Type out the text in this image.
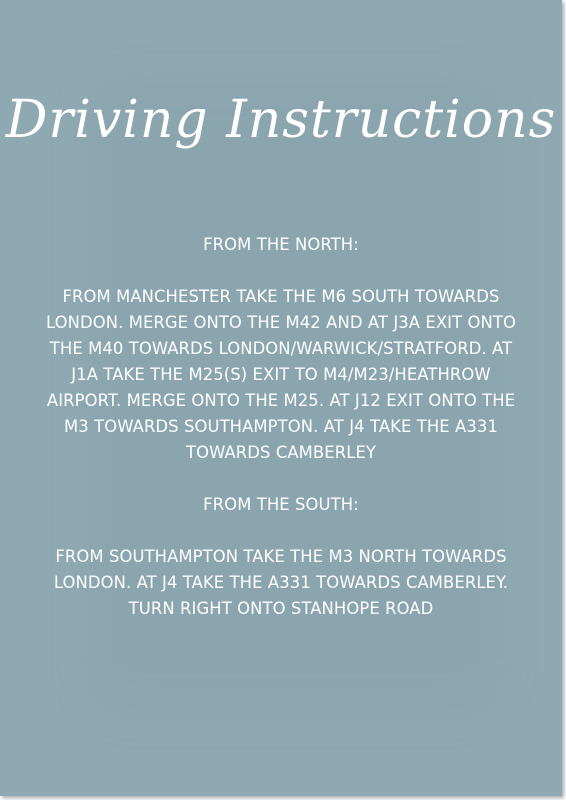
Driving Instructions

FROM THE NORTH:

FROM MANCHESTER TAKE THE M6 SOUTH TOWARDS LONDON. MERGE ONTO THE M42 AND AT J3A EXIT ONTO THE M40 TOWARDS LONDON/WARWICK/STRATFORD. AT J1A TAKE THE M25(S) EXIT TO M4/M23/HEATHROW AIRPORT. MERGE ONTO THE M25. AT J12 EXIT ONTO THE M3 TOWARDS SOUTHAMPTON. AT J4 TAKE THE A331 TOWARDS CAMBERLEY

FROM THE SOUTH:

FROM SOUTHAMPTON TAKE THE M3 NORTH TOWARDS LONDON. AT J4 TAKE THE A331 TOWARDS CAMBERLEY. TURN RIGHT ONTO STANHOPE ROAD
